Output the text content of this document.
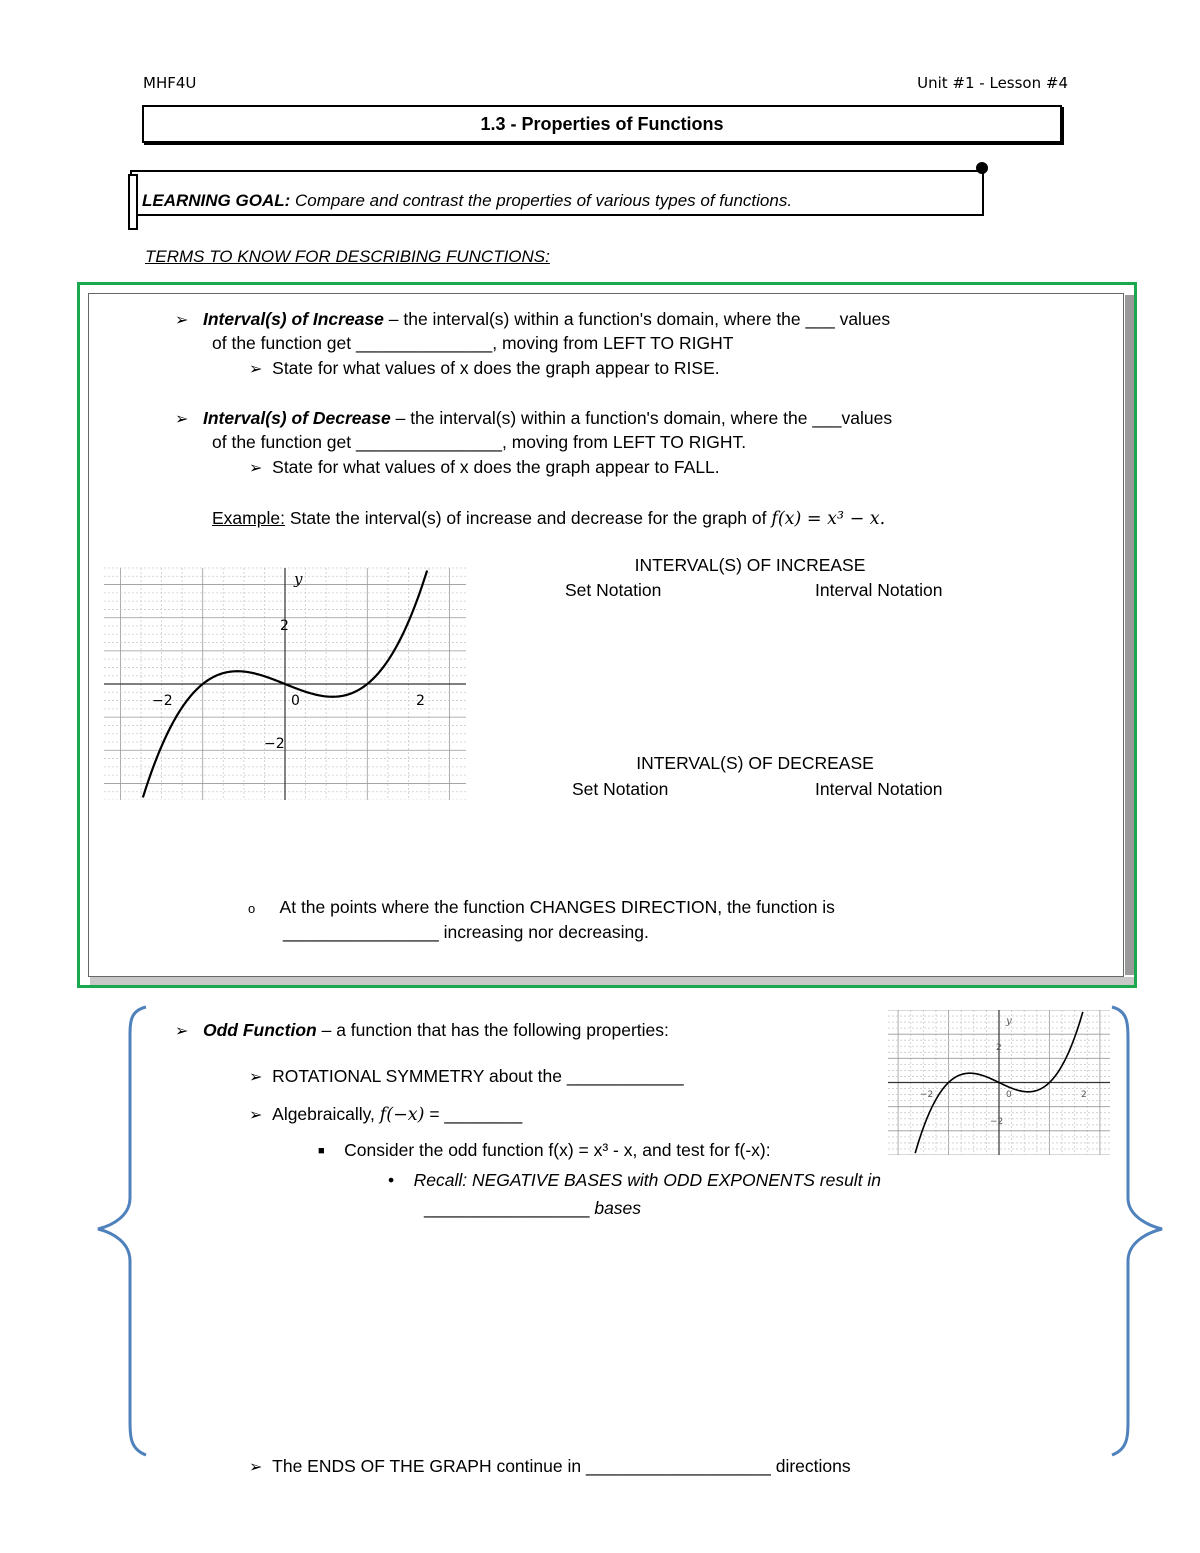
MHF4U	Unit #1 - Lesson #4
1.3 - Properties of Functions
LEARNING GOAL: Compare and contrast the properties of various types of functions.
TERMS TO KNOW FOR DESCRIBING FUNCTIONS:
➢ Interval(s) of Increase – the interval(s) within a function's domain, where the ___ values
of the function get ______________, moving from LEFT TO RIGHT
➢ State for what values of x does the graph appear to RISE.
➢ Interval(s) of Decrease – the interval(s) within a function's domain, where the ___values
of the function get _______________, moving from LEFT TO RIGHT.
➢ State for what values of x does the graph appear to FALL.
Example: State the interval(s) of increase and decrease for the graph of f(x) = x³ − x.
y
2
−2
−2	0	2
INTERVAL(S) OF INCREASE
Set Notation	Interval Notation
INTERVAL(S) OF DECREASE
Set Notation	Interval Notation
o At the points where the function CHANGES DIRECTION, the function is
________________ increasing nor decreasing.
➢ Odd Function – a function that has the following properties:
➢ ROTATIONAL SYMMETRY about the ____________
➢ Algebraically, f(−x) = ________
■ Consider the odd function f(x) = x³ - x, and test for f(-x):
• Recall: NEGATIVE BASES with ODD EXPONENTS result in
_________________ bases
➢ The ENDS OF THE GRAPH continue in ___________________ directions
y
2
−2
−2	0	2
